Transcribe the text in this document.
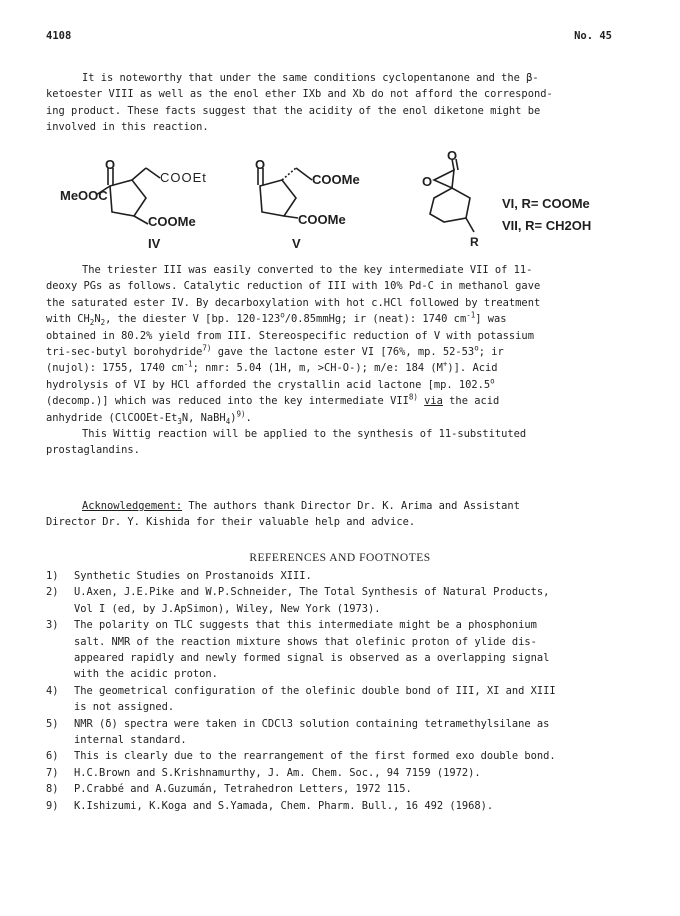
4108	No. 45
It is noteworthy that under the same conditions cyclopentanone and the β-
ketoester VIII as well as the enol ether IXb and Xb do not afford the correspond-
ing product. These facts suggest that the acidity of the enol diketone might be
involved in this reaction.
MeOOC
O
COOEt
COOMe
IV
O
COOMe
COOMe
V
O
O
R
VI, R= COOMe
VII, R= CH2OH
The triester III was easily converted to the key intermediate VII of 11-
deoxy PGs as follows. Catalytic reduction of III with 10% Pd-C in methanol gave
the saturated ester IV. By decarboxylation with hot c.HCl followed by treatment
with $CH_2N_2$, the diester V [bp. 120-123$^o$/0.85mmHg; ir (neat): 1740 $cm^{-1}$] was
obtained in 80.2% yield from III. Stereospecific reduction of V with potassium
tri-sec-butyl borohydride$^{7)}$ gave the lactone ester VI [76%, mp. 52-53$^o$; ir
(nujol): 1755, 1740 $cm^{-1}$; nmr: 5.04 (1H, m, >CH-O-); m/e: 184 (M+)]. Acid
hydrolysis of VI by HCl afforded the crystallin acid lactone [mp. 102.5$^o$
(decomp.)] which was reduced into the key intermediate VII$^{8)}$ via the acid
anhydride ($ClCOOEt-Et_3N$, NaBH$_4$)$^{9)}$.
This Wittig reaction will be applied to the synthesis of 11-substituted
prostaglandins.
Acknowledgement: The authors thank Director Dr. K. Arima and Assistant
Director Dr. Y. Kishida for their valuable help and advice.
REFERENCES AND FOOTNOTES
1)	Synthetic Studies on Prostanoids XIII.
2)	U.Axen, J.E.Pike and W.P.Schneider, The Total Synthesis of Natural Products,
Vol I (ed, by J.ApSimon), Wiley, New York (1973).
3)	The polarity on TLC suggests that this intermediate might be a phosphonium
salt. NMR of the reaction mixture shows that olefinic proton of ylide dis-
appeared rapidly and newly formed signal is observed as a overlapping signal
with the acidic proton.
4)	The geometrical configuration of the olefinic double bond of III, XI and XIII
is not assigned.
5)	NMR (δ) spectra were taken in CDCl3 solution containing tetramethylsilane as
internal standard.
6)	This is clearly due to the rearrangement of the first formed exo double bond.
7)	H.C.Brown and S.Krishnamurthy, J. Am. Chem. Soc., 94 7159 (1972).
8)	P.Crabbé and A.Guzumán, Tetrahedron Letters, 1972 115.
9)	K.Ishizumi, K.Koga and S.Yamada, Chem. Pharm. Bull., 16 492 (1968).
